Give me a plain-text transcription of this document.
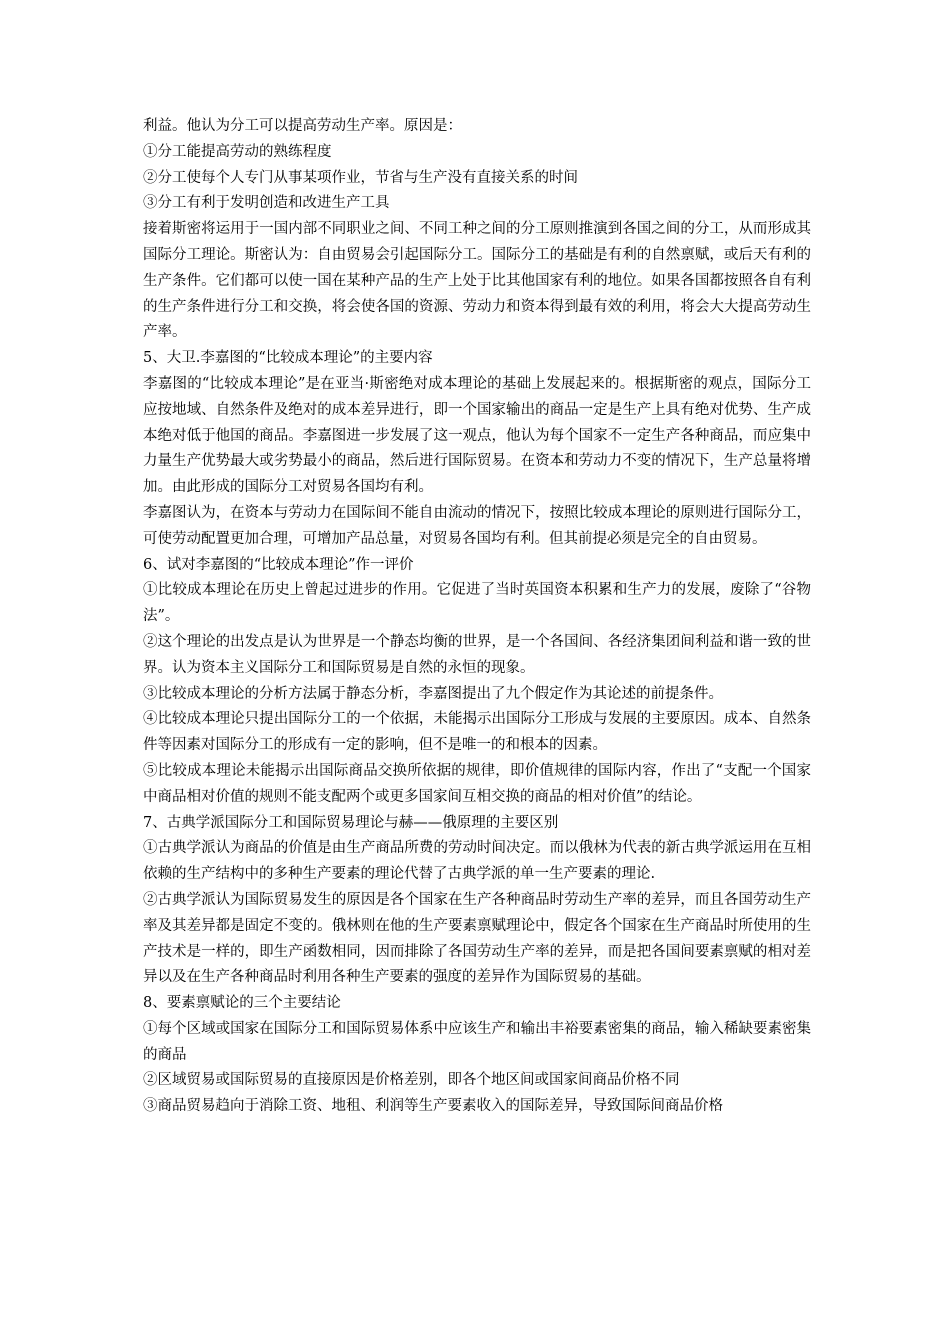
利益。他认为分工可以提高劳动生产率。原因是：

①分工能提高劳动的熟练程度

②分工使每个人专门从事某项作业，节省与生产没有直接关系的时间

③分工有利于发明创造和改进生产工具

接着斯密将运用于一国内部不同职业之间、不同工种之间的分工原则推演到各国之间的分工，从而形成其国际分工理论。斯密认为：自由贸易会引起国际分工。国际分工的基础是有利的自然禀赋，或后天有利的生产条件。它们都可以使一国在某种产品的生产上处于比其他国家有利的地位。如果各国都按照各自有利的生产条件进行分工和交换，将会使各国的资源、劳动力和资本得到最有效的利用，将会大大提高劳动生产率。

5、大卫.李嘉图的“比较成本理论”的主要内容

李嘉图的“比较成本理论”是在亚当·斯密绝对成本理论的基础上发展起来的。根据斯密的观点，国际分工应按地域、自然条件及绝对的成本差异进行，即一个国家输出的商品一定是生产上具有绝对优势、生产成本绝对低于他国的商品。李嘉图进一步发展了这一观点，他认为每个国家不一定生产各种商品，而应集中力量生产优势最大或劣势最小的商品，然后进行国际贸易。在资本和劳动力不变的情况下，生产总量将增加。由此形成的国际分工对贸易各国均有利。

李嘉图认为，在资本与劳动力在国际间不能自由流动的情况下，按照比较成本理论的原则进行国际分工，可使劳动配置更加合理，可增加产品总量，对贸易各国均有利。但其前提必须是完全的自由贸易。

6、试对李嘉图的“比较成本理论”作一评价

①比较成本理论在历史上曾起过进步的作用。它促进了当时英国资本积累和生产力的发展，废除了“谷物法”。

②这个理论的出发点是认为世界是一个静态均衡的世界，是一个各国间、各经济集团间利益和谐一致的世界。认为资本主义国际分工和国际贸易是自然的永恒的现象。

③比较成本理论的分析方法属于静态分析，李嘉图提出了九个假定作为其论述的前提条件。

④比较成本理论只提出国际分工的一个依据，未能揭示出国际分工形成与发展的主要原因。成本、自然条件等因素对国际分工的形成有一定的影响，但不是唯一的和根本的因素。

⑤比较成本理论未能揭示出国际商品交换所依据的规律，即价值规律的国际内容，作出了“支配一个国家中商品相对价值的规则不能支配两个或更多国家间互相交换的商品的相对价值”的结论。

7、古典学派国际分工和国际贸易理论与赫——俄原理的主要区别

①古典学派认为商品的价值是由生产商品所费的劳动时间决定。而以俄林为代表的新古典学派运用在互相依赖的生产结构中的多种生产要素的理论代替了古典学派的单一生产要素的理论.

②古典学派认为国际贸易发生的原因是各个国家在生产各种商品时劳动生产率的差异，而且各国劳动生产率及其差异都是固定不变的。俄林则在他的生产要素禀赋理论中，假定各个国家在生产商品时所使用的生产技术是一样的，即生产函数相同，因而排除了各国劳动生产率的差异，而是把各国间要素禀赋的相对差异以及在生产各种商品时利用各种生产要素的强度的差异作为国际贸易的基础。

8、要素禀赋论的三个主要结论

①每个区域或国家在国际分工和国际贸易体系中应该生产和输出丰裕要素密集的商品，输入稀缺要素密集的商品

②区域贸易或国际贸易的直接原因是价格差别，即各个地区间或国家间商品价格不同

③商品贸易趋向于消除工资、地租、利润等生产要素收入的国际差异，导致国际间商品价格
